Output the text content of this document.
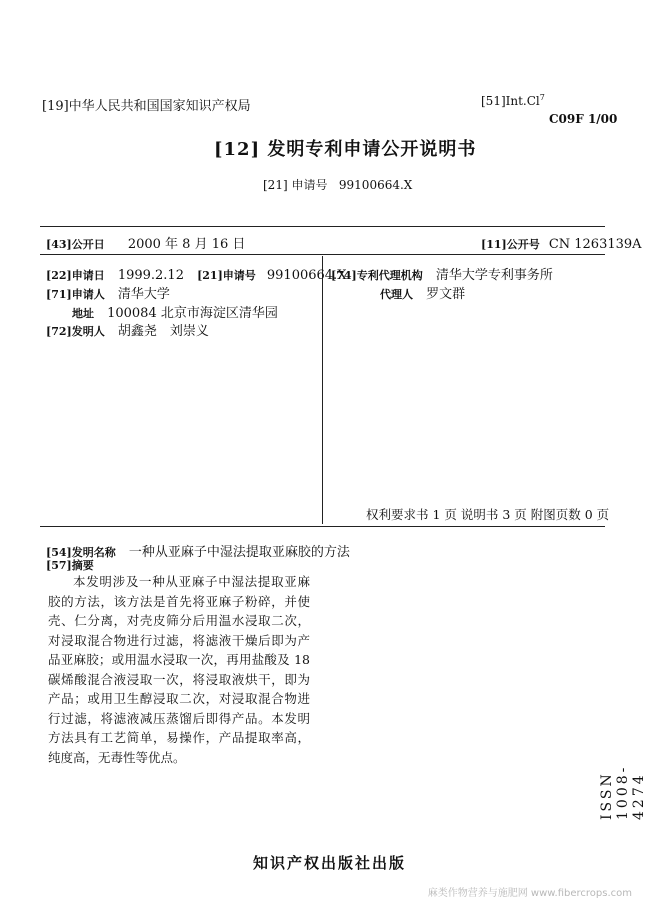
[19]中华人民共和国国家知识产权局	[51]Int.Cl$^7$
C09F 1/00
[12] 发明专利申请公开说明书
[21] 申请号 99100664.X
[43]公开日 2000 年 8 月 16 日	[11]公开号 CN 1263139A
[22]申请日 1999.2.12 [21]申请号 99100664.X
[71]申请人 清华大学
地址 100084 北京市海淀区清华园
[72]发明人 胡鑫尧　刘崇义
[74]专利代理机构 清华大学专利事务所
代理人 罗文群
权利要求书 1 页 说明书 3 页 附图页数 0 页
[54]发明名称 一种从亚麻子中湿法提取亚麻胶的方法
[57]摘要

本发明涉及一种从亚麻子中湿法提取亚麻胶的方法，该方法是首先将亚麻子粉碎，并使壳、仁分离，对壳皮筛分后用温水浸取二次，对浸取混合物进行过滤，将滤液干燥后即为产品亚麻胶；或用温水浸取一次，再用盐酸及 18 碳烯酸混合液浸取一次，将浸取液烘干，即为产品；或用卫生醇浸取二次，对浸取混合物进行过滤，将滤液减压蒸馏后即得产品。本发明方法具有工艺简单，易操作，产品提取率高，纯度高，无毒性等优点。

ISSN 1008-4274
知识产权出版社出版
麻类作物营养与施肥网 www.fibercrops.com
